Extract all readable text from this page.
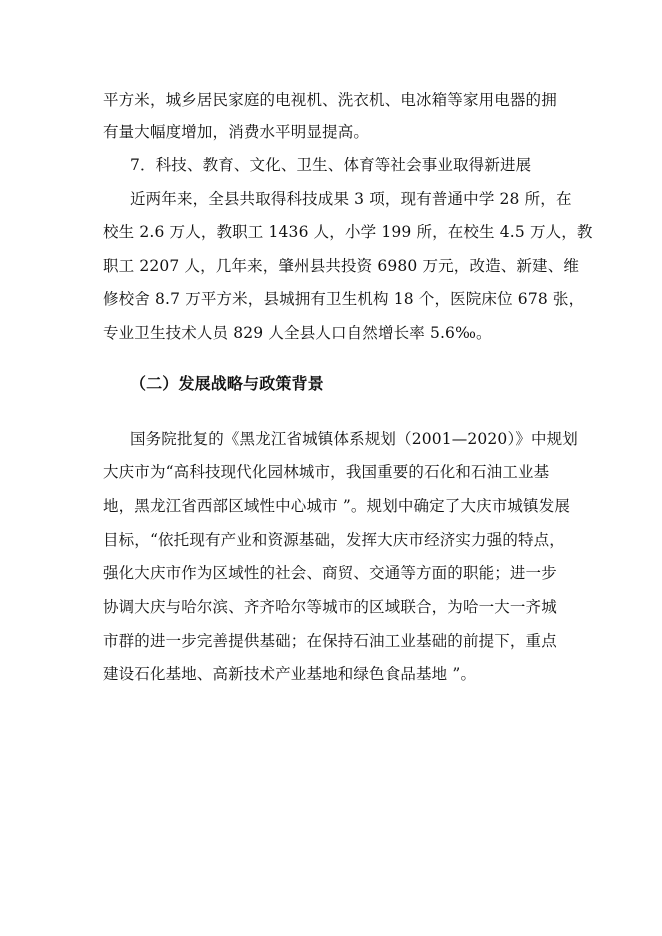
平方米，城乡居民家庭的电视机、洗衣机、电冰箱等家用电器的拥
有量大幅度增加，消费水平明显提高。
7．科技、教育、文化、卫生、体育等社会事业取得新进展
近两年来，全县共取得科技成果 3 项，现有普通中学 28 所，在
校生 2.6 万人，教职工 1436 人，小学 199 所，在校生 4.5 万人，教
职工 2207 人，几年来，肇州县共投资 6980 万元，改造、新建、维
修校舍 8.7 万平方米，县城拥有卫生机构 18 个，医院床位 678 张，
专业卫生技术人员 829 人全县人口自然增长率 5.6‰。
（二）发展战略与政策背景
国务院批复的《黑龙江省城镇体系规划（2001—2020）》中规划
大庆市为“高科技现代化园林城市，我国重要的石化和石油工业基
地，黑龙江省西部区域性中心城市 ”。规划中确定了大庆市城镇发展
目标，“依托现有产业和资源基础，发挥大庆市经济实力强的特点，
强化大庆市作为区域性的社会、商贸、交通等方面的职能；进一步
协调大庆与哈尔滨、齐齐哈尔等城市的区域联合，为哈一大一齐城
市群的进一步完善提供基础；在保持石油工业基础的前提下，重点
建设石化基地、高新技术产业基地和绿色食品基地 ”。
